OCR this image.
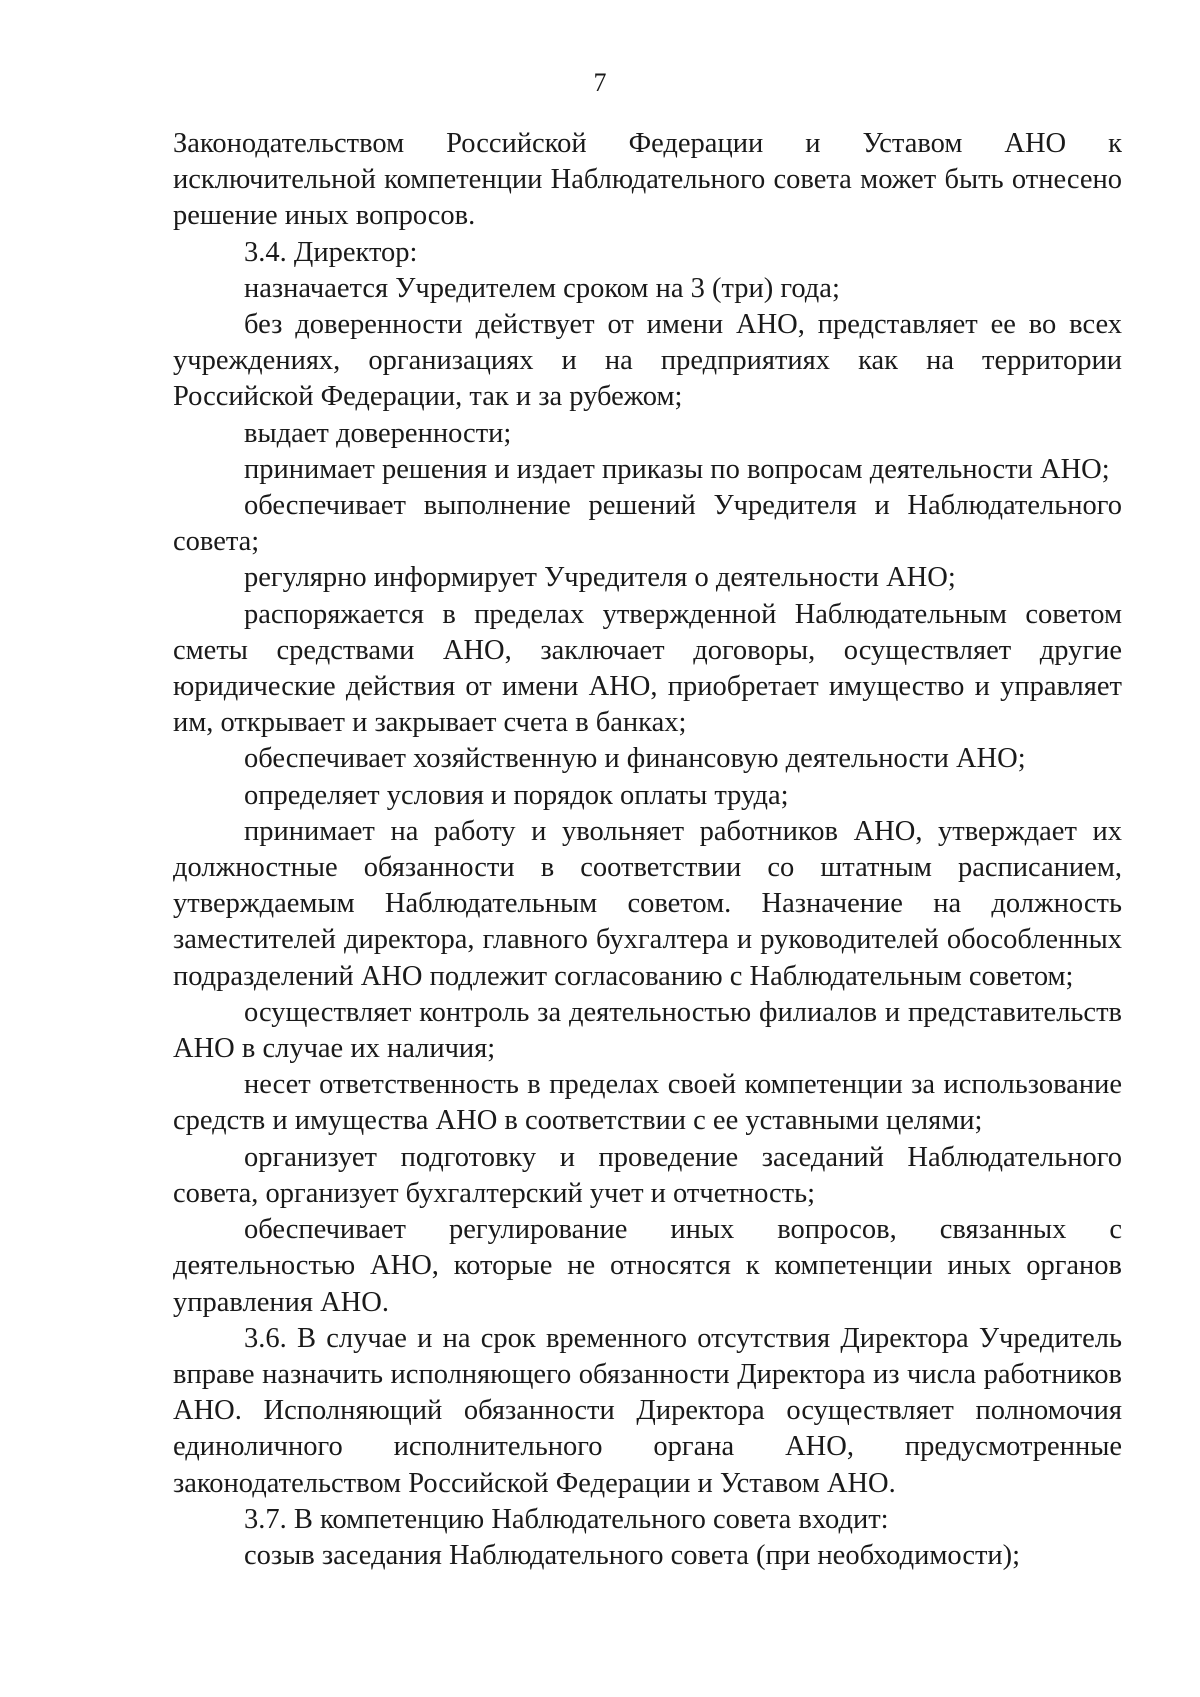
7

Законодательством Российской Федерации и Уставом АНО к исключительной компетенции Наблюдательного совета может быть отнесено решение иных вопросов.

3.4. Директор:

назначается Учредителем сроком на 3 (три) года;

без доверенности действует от имени АНО, представляет ее во всех учреждениях, организациях и на предприятиях как на территории Российской Федерации, так и за рубежом;

выдает доверенности;

принимает решения и издает приказы по вопросам деятельности АНО;

обеспечивает выполнение решений Учредителя и Наблюдательного совета;

регулярно информирует Учредителя о деятельности АНО;

распоряжается в пределах утвержденной Наблюдательным советом сметы средствами АНО, заключает договоры, осуществляет другие юридические действия от имени АНО, приобретает имущество и управляет им, открывает и закрывает счета в банках;

обеспечивает хозяйственную и финансовую деятельности АНО;

определяет условия и порядок оплаты труда;

принимает на работу и увольняет работников АНО, утверждает их должностные обязанности в соответствии со штатным расписанием, утверждаемым Наблюдательным советом. Назначение на должность заместителей директора, главного бухгалтера и руководителей обособленных подразделений АНО подлежит согласованию с Наблюдательным советом;

осуществляет контроль за деятельностью филиалов и представительств АНО в случае их наличия;

несет ответственность в пределах своей компетенции за использование средств и имущества АНО в соответствии с ее уставными целями;

организует подготовку и проведение заседаний Наблюдательного совета, организует бухгалтерский учет и отчетность;

обеспечивает регулирование иных вопросов, связанных с деятельностью АНО, которые не относятся к компетенции иных органов управления АНО.

3.6. В случае и на срок временного отсутствия Директора Учредитель вправе назначить исполняющего обязанности Директора из числа работников АНО. Исполняющий обязанности Директора осуществляет полномочия единоличного исполнительного органа АНО, предусмотренные законодательством Российской Федерации и Уставом АНО.

3.7. В компетенцию Наблюдательного совета входит:

созыв заседания Наблюдательного совета (при необходимости);
